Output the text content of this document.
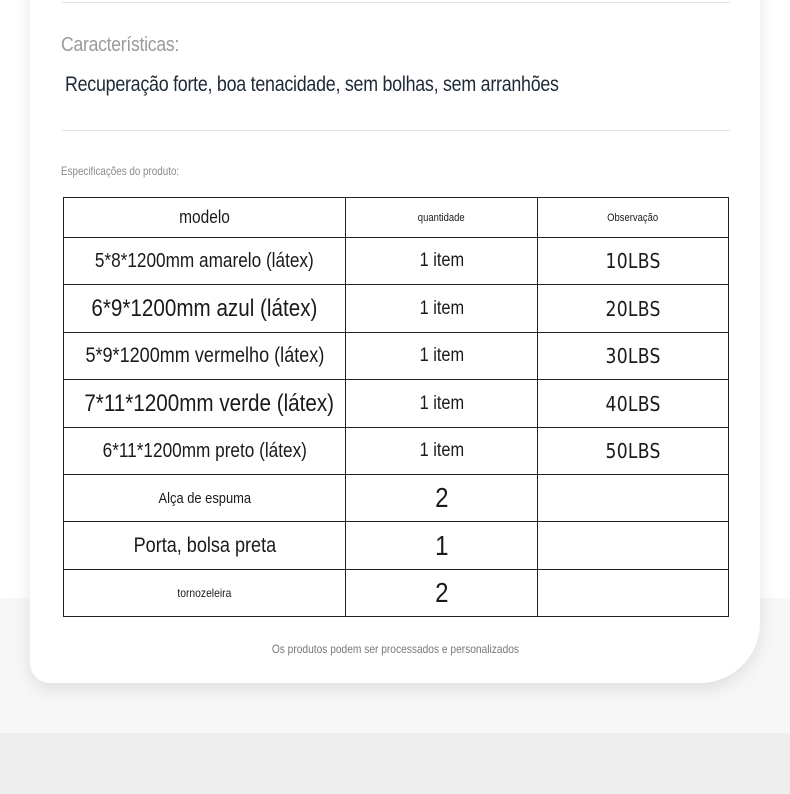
Características:
Recuperação forte, boa tenacidade, sem bolhas, sem arranhões
Especificações do produto:
modelo	quantidade	Observação
5*8*1200mm amarelo (látex)	1 item	10LBS
6*9*1200mm azul (látex)	1 item	20LBS
5*9*1200mm vermelho (látex)	1 item	30LBS
7*11*1200mm verde (látex)	1 item	40LBS
6*11*1200mm preto (látex)	1 item	50LBS
Alça de espuma	2	
Porta, bolsa preta	1	
tornozeleira	2	
Os produtos podem ser processados e personalizados
